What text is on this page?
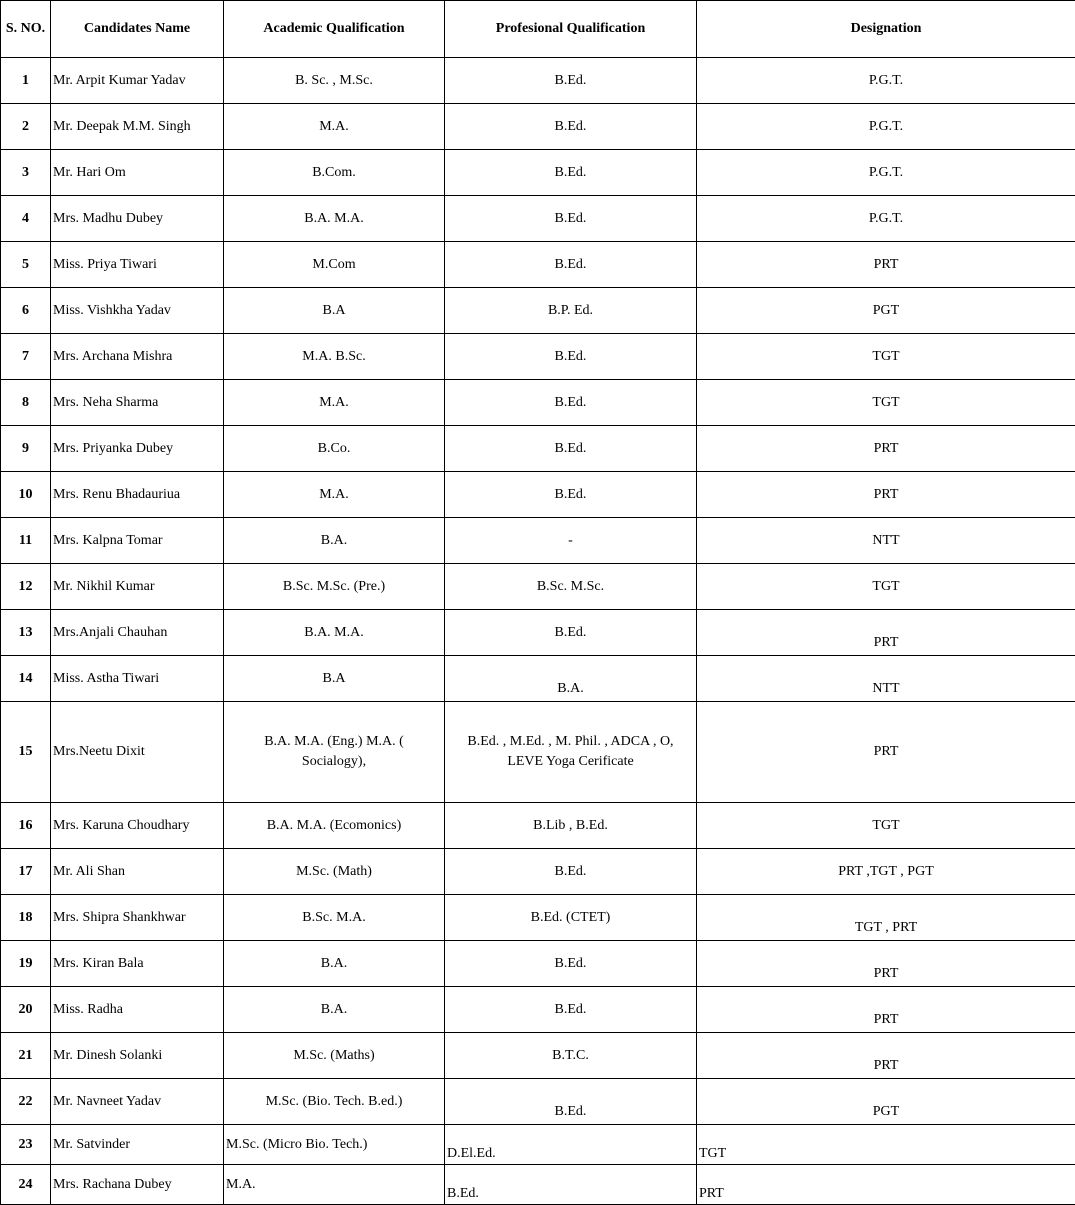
S. NO.	Candidates Name	Academic Qualification	Profesional Qualification	Designation
1	Mr. Arpit Kumar Yadav	B. Sc. , M.Sc.	B.Ed.	P.G.T.
2	Mr. Deepak M.M. Singh	M.A.	B.Ed.	P.G.T.
3	Mr. Hari Om	B.Com.	B.Ed.	P.G.T.
4	Mrs. Madhu Dubey	B.A. M.A.	B.Ed.	P.G.T.
5	Miss. Priya Tiwari	M.Com	B.Ed.	PRT
6	Miss. Vishkha Yadav	B.A	B.P. Ed.	PGT
7	Mrs. Archana Mishra	M.A. B.Sc.	B.Ed.	TGT
8	Mrs. Neha Sharma	M.A.	B.Ed.	TGT
9	Mrs. Priyanka Dubey	B.Co.	B.Ed.	PRT
10	Mrs. Renu Bhadauriua	M.A.	B.Ed.	PRT
11	Mrs. Kalpna Tomar	B.A.	-	NTT
12	Mr. Nikhil Kumar	B.Sc. M.Sc. (Pre.)	B.Sc. M.Sc.	TGT
13	Mrs.Anjali Chauhan	B.A. M.A.	B.Ed.	PRT
14	Miss. Astha Tiwari	B.A	B.A.	NTT
15	Mrs.Neetu Dixit	B.A. M.A. (Eng.) M.A. ( Socialogy),	B.Ed. , M.Ed. , M. Phil. , ADCA , O, LEVE Yoga Cerificate	PRT
16	Mrs. Karuna Choudhary	B.A. M.A. (Ecomonics)	B.Lib , B.Ed.	TGT
17	Mr. Ali Shan	M.Sc. (Math)	B.Ed.	PRT ,TGT , PGT
18	Mrs. Shipra Shankhwar	B.Sc. M.A.	B.Ed. (CTET)	TGT , PRT
19	Mrs. Kiran Bala	B.A.	B.Ed.	PRT
20	Miss. Radha	B.A.	B.Ed.	PRT
21	Mr. Dinesh Solanki	M.Sc. (Maths)	B.T.C.	PRT
22	Mr. Navneet Yadav	M.Sc. (Bio. Tech. B.ed.)	B.Ed.	PGT
23	Mr. Satvinder	M.Sc. (Micro Bio. Tech.)	D.El.Ed.	TGT
24	Mrs. Rachana Dubey	M.A.	B.Ed.	PRT
